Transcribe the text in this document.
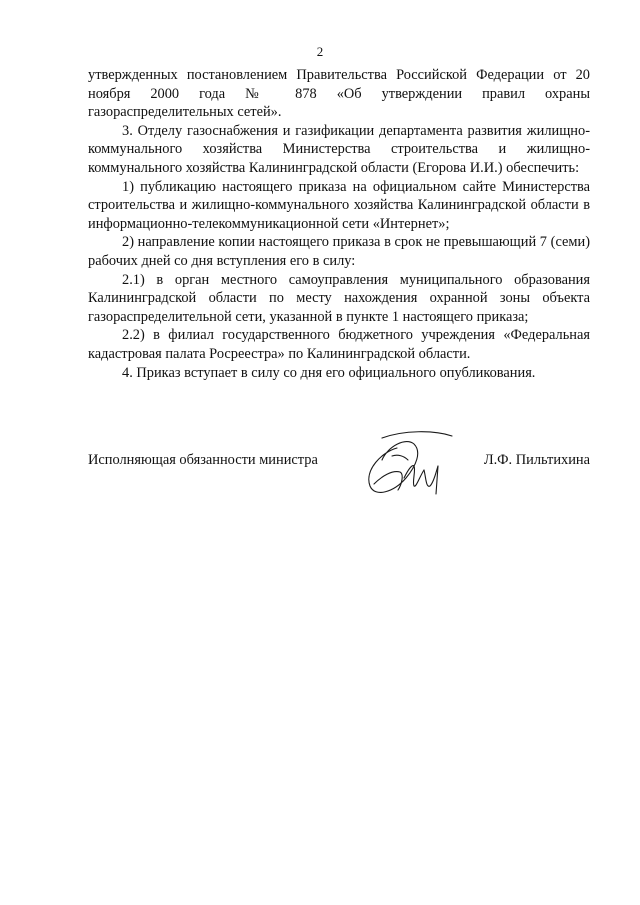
2

утвержденных постановлением Правительства Российской Федерации от 20 ноября 2000 года № 878 «Об утверждении правил охраны газораспределительных сетей».

3. Отделу газоснабжения и газификации департамента развития жилищно-коммунального хозяйства Министерства строительства и жилищно-коммунального хозяйства Калининградской области (Егорова И.И.) обеспечить:

1) публикацию настоящего приказа на официальном сайте Министерства строительства и жилищно-коммунального хозяйства Калининградской области в информационно-телекоммуникационной сети «Интернет»;

2) направление копии настоящего приказа в срок не превышающий 7 (семи) рабочих дней со дня вступления его в силу:

2.1) в орган местного самоуправления муниципального образования Калининградской области по месту нахождения охранной зоны объекта газораспределительной сети, указанной в пункте 1 настоящего приказа;

2.2) в филиал государственного бюджетного учреждения «Федеральная кадастровая палата Росреестра» по Калининградской области.

4. Приказ вступает в силу со дня его официального опубликования.

Исполняющая обязанности министра	Л.Ф. Пильтихина
